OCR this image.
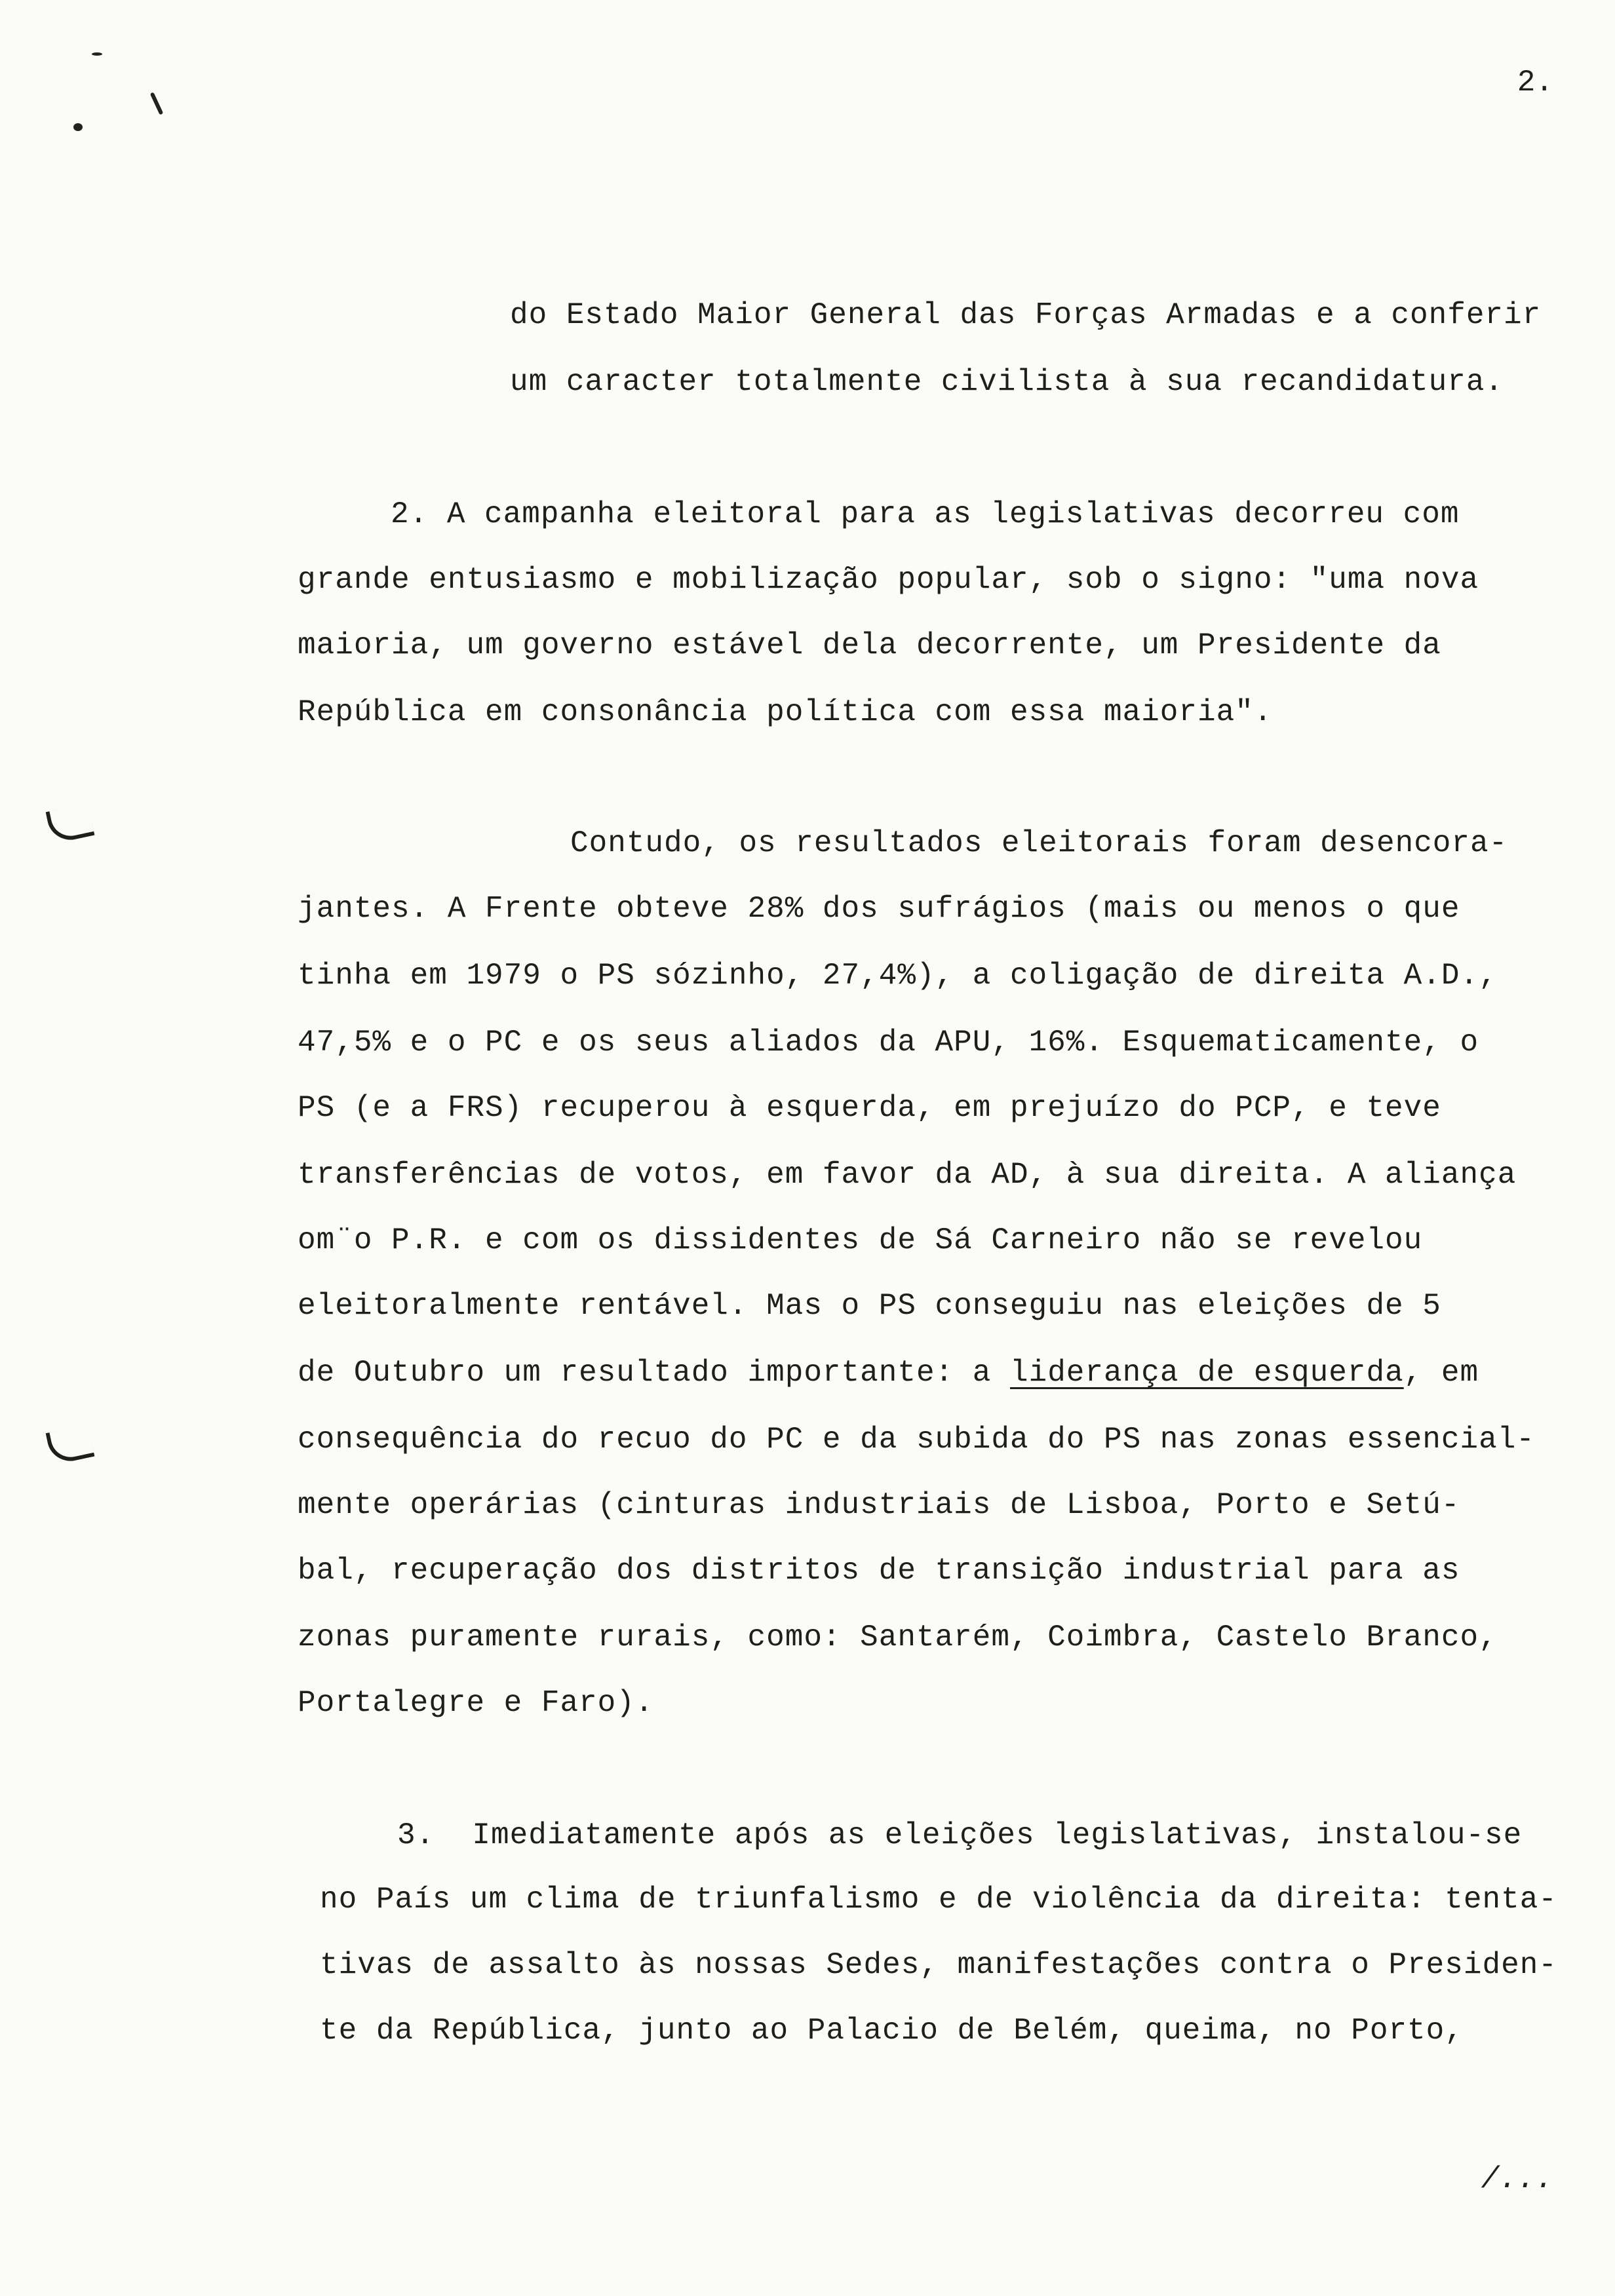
2.
do Estado Maior General das Forças Armadas e a conferir
um caracter totalmente civilista à sua recandidatura.
2. A campanha eleitoral para as legislativas decorreu com
grande entusiasmo e mobilização popular, sob o signo: "uma nova
maioria, um governo estável dela decorrente, um Presidente da
República em consonância política com essa maioria".
Contudo, os resultados eleitorais foram desencora-
jantes. A Frente obteve 28% dos sufrágios (mais ou menos o que
tinha em 1979 o PS sózinho, 27,4%), a coligação de direita A.D.,
47,5% e o PC e os seus aliados da APU, 16%. Esquematicamente, o
PS (e a FRS) recuperou à esquerda, em prejuízo do PCP, e teve
transferências de votos, em favor da AD, à sua direita. A aliança
om¨o P.R. e com os dissidentes de Sá Carneiro não se revelou
eleitoralmente rentável. Mas o PS conseguiu nas eleições de 5
de Outubro um resultado importante: a liderança de esquerda, em
consequência do recuo do PC e da subida do PS nas zonas essencial-
mente operárias (cinturas industriais de Lisboa, Porto e Setú-
bal, recuperação dos distritos de transição industrial para as
zonas puramente rurais, como: Santarém, Coimbra, Castelo Branco,
Portalegre e Faro).
3.  Imediatamente após as eleições legislativas, instalou-se
no País um clima de triunfalismo e de violência da direita: tenta-
tivas de assalto às nossas Sedes, manifestações contra o Presiden-
te da República, junto ao Palacio de Belém, queima, no Porto,
/...
